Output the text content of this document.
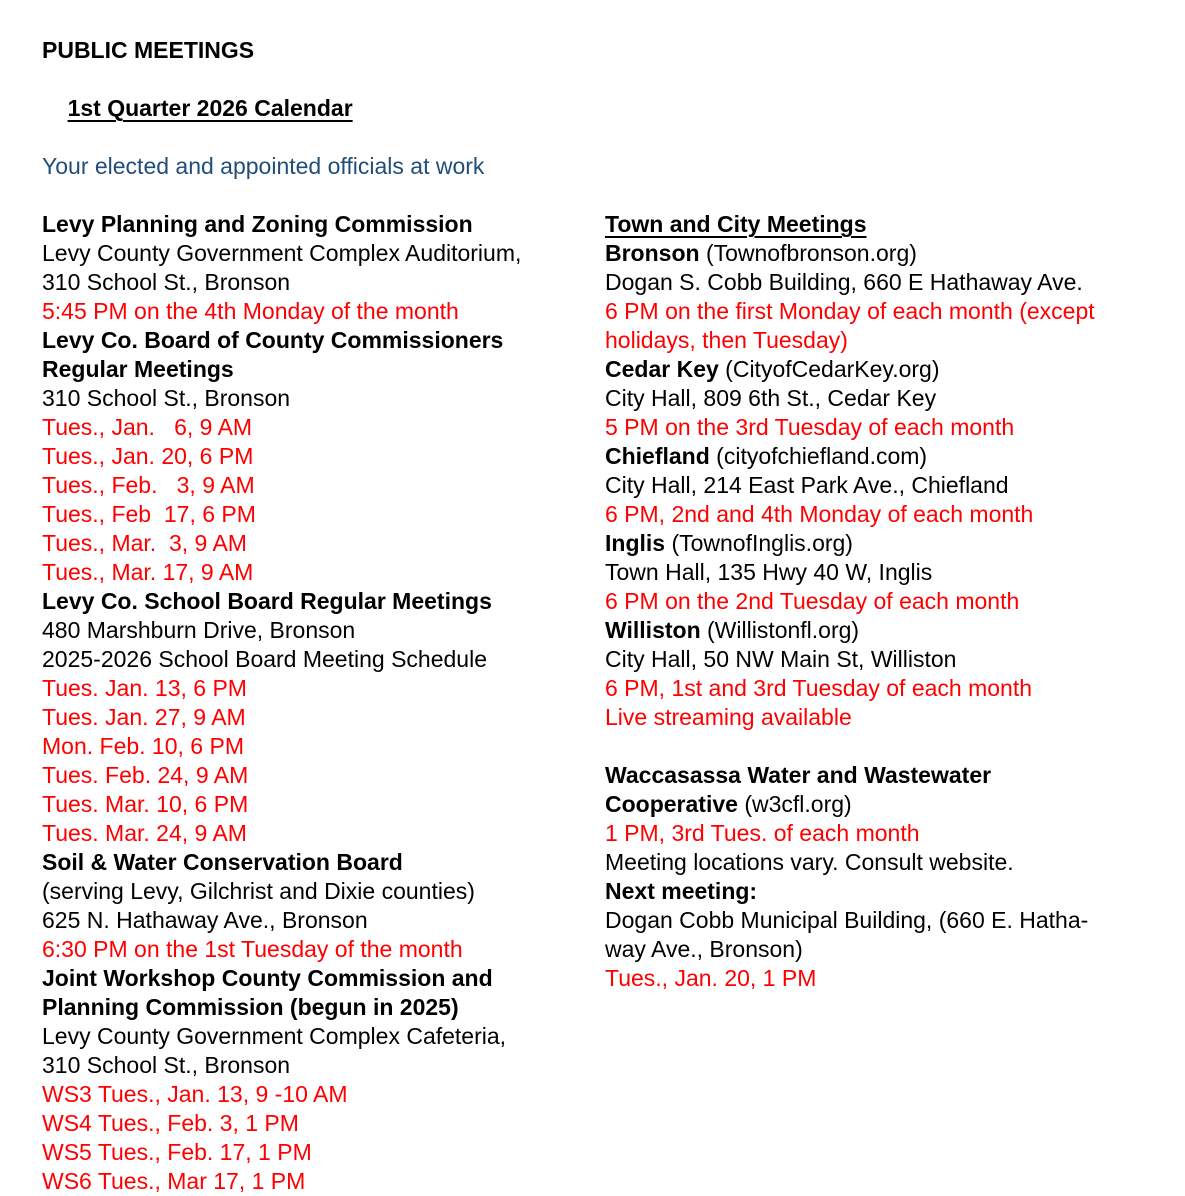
PUBLIC MEETINGS

1st Quarter 2026 Calendar

Your elected and appointed officials at work
Levy Planning and Zoning Commission
Levy County Government Complex Auditorium,
310 School St., Bronson
5:45 PM on the 4th Monday of the month
Levy Co. Board of County Commissioners
Regular Meetings
310 School St., Bronson
Tues., Jan.   6, 9 AM
Tues., Jan. 20, 6 PM
Tues., Feb.   3, 9 AM
Tues., Feb  17, 6 PM
Tues., Mar.  3, 9 AM
Tues., Mar. 17, 9 AM
Levy Co. School Board Regular Meetings
480 Marshburn Drive, Bronson
2025-2026 School Board Meeting Schedule
Tues. Jan. 13, 6 PM
Tues. Jan. 27, 9 AM
Mon. Feb. 10, 6 PM
Tues. Feb. 24, 9 AM
Tues. Mar. 10, 6 PM
Tues. Mar. 24, 9 AM
Soil & Water Conservation Board
(serving Levy, Gilchrist and Dixie counties)
625 N. Hathaway Ave., Bronson
6:30 PM on the 1st Tuesday of the month
Joint Workshop County Commission and
Planning Commission (begun in 2025)
Levy County Government Complex Cafeteria,
310 School St., Bronson
WS3 Tues., Jan. 13, 9 -10 AM
WS4 Tues., Feb. 3, 1 PM
WS5 Tues., Feb. 17, 1 PM
WS6 Tues., Mar 17, 1 PM
Town and City Meetings
Bronson (Townofbronson.org)
Dogan S. Cobb Building, 660 E Hathaway Ave.
6 PM on the first Monday of each month (except
holidays, then Tuesday)
Cedar Key (CityofCedarKey.org)
City Hall, 809 6th St., Cedar Key
5 PM on the 3rd Tuesday of each month
Chiefland (cityofchiefland.com)
City Hall, 214 East Park Ave., Chiefland
6 PM, 2nd and 4th Monday of each month
Inglis (TownofInglis.org)
Town Hall, 135 Hwy 40 W, Inglis
6 PM on the 2nd Tuesday of each month
Williston (Willistonfl.org)
City Hall, 50 NW Main St, Williston
6 PM, 1st and 3rd Tuesday of each month
Live streaming available

Waccasassa Water and Wastewater
Cooperative (w3cfl.org)
1 PM, 3rd Tues. of each month
Meeting locations vary. Consult website.
Next meeting:
Dogan Cobb Municipal Building, (660 E. Hatha-
way Ave., Bronson)
Tues., Jan. 20, 1 PM
